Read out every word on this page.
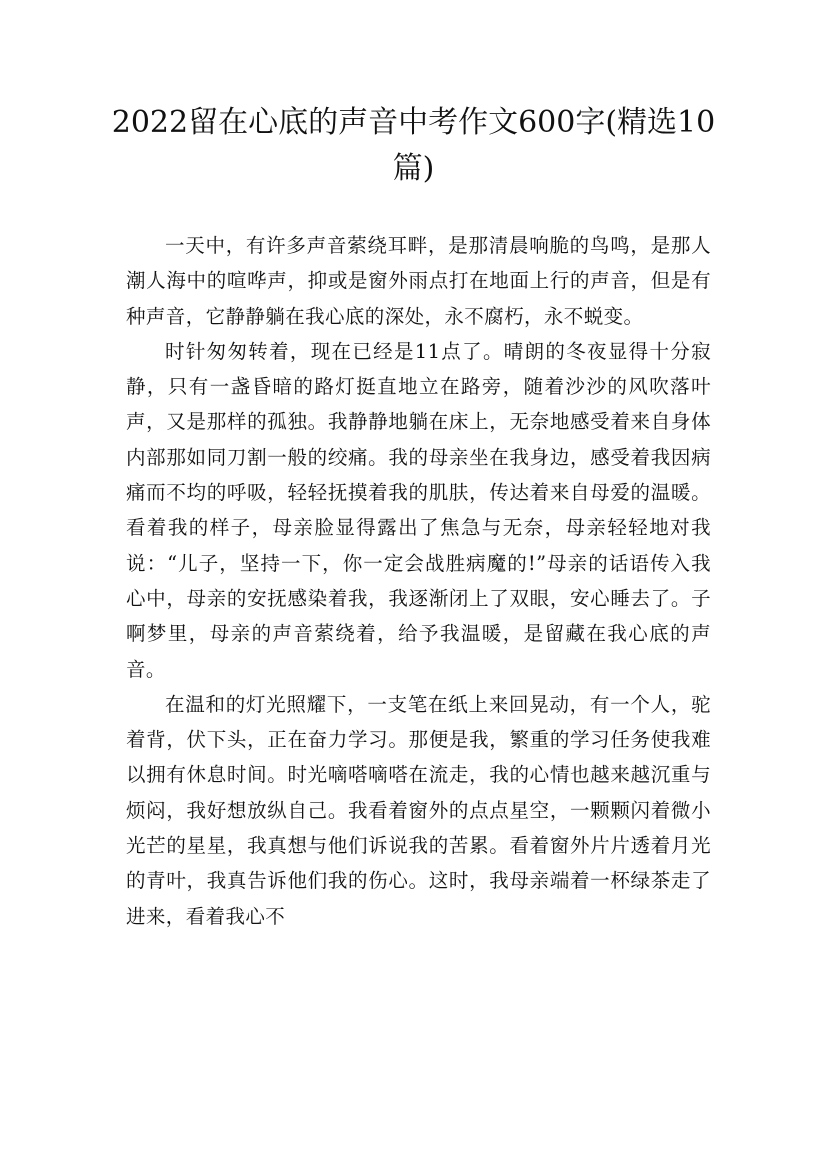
2022留在心底的声音中考作文600字(精选10篇)

一天中，有许多声音萦绕耳畔，是那清晨响脆的鸟鸣，是那人潮人海中的喧哗声，抑或是窗外雨点打在地面上行的声音，但是有种声音，它静静躺在我心底的深处，永不腐朽，永不蜕变。

时针匆匆转着，现在已经是11点了。晴朗的冬夜显得十分寂静，只有一盏昏暗的路灯挺直地立在路旁，随着沙沙的风吹落叶声，又是那样的孤独。我静静地躺在床上，无奈地感受着来自身体内部那如同刀割一般的绞痛。我的母亲坐在我身边，感受着我因病痛而不均的呼吸，轻轻抚摸着我的肌肤，传达着来自母爱的温暖。看着我的样子，母亲脸显得露出了焦急与无奈，母亲轻轻地对我说：“儿子，坚持一下，你一定会战胜病魔的!”母亲的话语传入我心中，母亲的安抚感染着我，我逐渐闭上了双眼，安心睡去了。子啊梦里，母亲的声音萦绕着，给予我温暖，是留藏在我心底的声音。

在温和的灯光照耀下，一支笔在纸上来回晃动，有一个人，驼着背，伏下头，正在奋力学习。那便是我，繁重的学习任务使我难以拥有休息时间。时光嘀嗒嘀嗒在流走，我的心情也越来越沉重与烦闷，我好想放纵自己。我看着窗外的点点星空，一颗颗闪着微小光芒的星星，我真想与他们诉说我的苦累。看着窗外片片透着月光的青叶，我真告诉他们我的伤心。这时，我母亲端着一杯绿茶走了进来，看着我心不
